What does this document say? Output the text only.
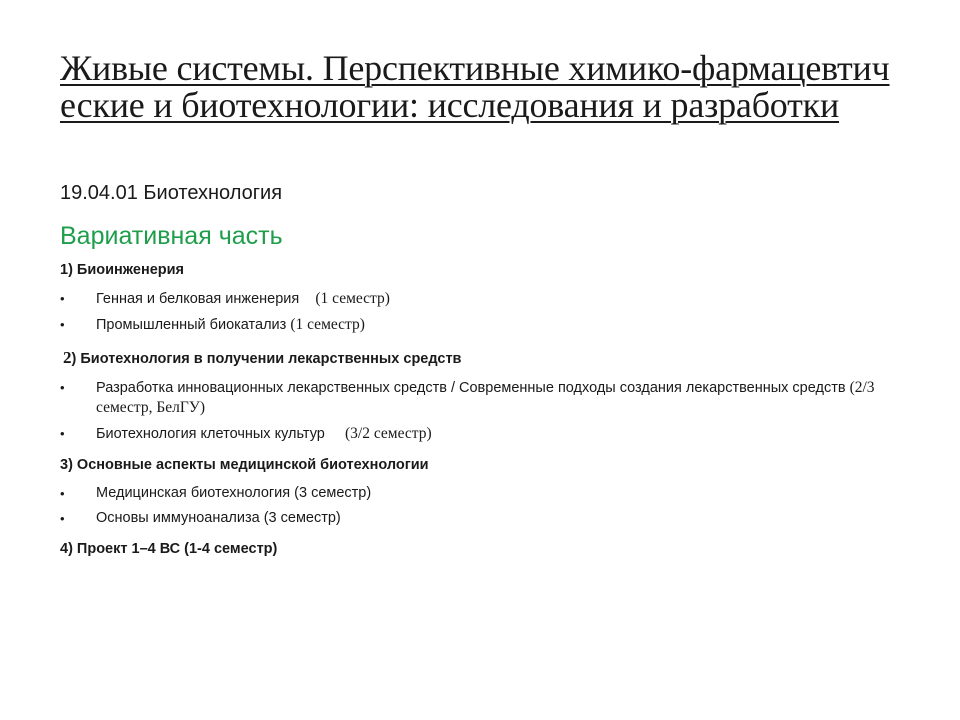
Живые системы. Перспективные химико-фармацевтические и биотехнологии: исследования и разработки
19.04.01 Биотехнология
Вариативная часть
1) Биоинженерия
• Генная и белковая инженерия (1 семестр)
• Промышленный биокатализ (1 семестр)
2) Биотехнология в получении лекарственных средств
• Разработка инновационных лекарственных средств / Современные подходы создания лекарственных средств (2/3 семестр, БелГУ)
• Биотехнология клеточных культур (3/2 семестр)
3) Основные аспекты медицинской биотехнологии
• Медицинская биотехнология (3 семестр)
• Основы иммуноанализа (3 семестр)
4) Проект 1–4 ВС (1-4 семестр)
